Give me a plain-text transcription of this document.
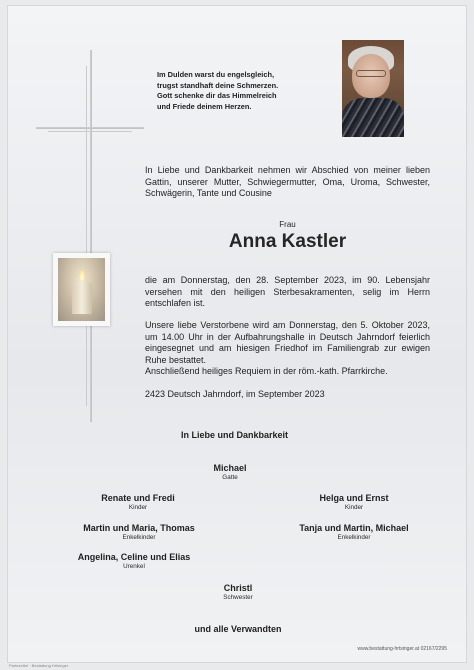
Im Dulden warst du engelsgleich,
trugst standhaft deine Schmerzen.
Gott schenke dir das Himmelreich
und Friede deinem Herzen.
In Liebe und Dankbarkeit nehmen wir Abschied von meiner lieben Gattin, unserer Mutter, Schwiegermutter, Oma, Uroma, Schwester, Schwägerin, Tante und Cousine
Frau
Anna Kastler
die am Donnerstag, den 28. September 2023, im 90. Lebensjahr versehen mit den heiligen Sterbesakramenten, selig im Herrn entschlafen ist.
Unsere liebe Verstorbene wird am Donnerstag, den 5. Oktober 2023, um 14.00 Uhr in der Aufbahrungshalle in Deutsch Jahrndorf feierlich eingesegnet und am hiesigen Friedhof im Familiengrab zur ewigen Ruhe bestattet.
Anschließend heiliges Requiem in der röm.-kath. Pfarrkirche.
2423 Deutsch Jahrndorf, im September 2023
In Liebe und Dankbarkeit
Michael
Gatte
Renate und Fredi
Kinder
Helga und Ernst
Kinder
Martin und Maria, Thomas
Enkelkinder
Tanja und Martin, Michael
Enkelkinder
Angelina, Celine und Elias
Urenkel
Christl
Schwester
und alle Verwandten
www.bestattung-hrtsinger.at 02167/2295
Partezettel · Bestattung Hrtsinger
